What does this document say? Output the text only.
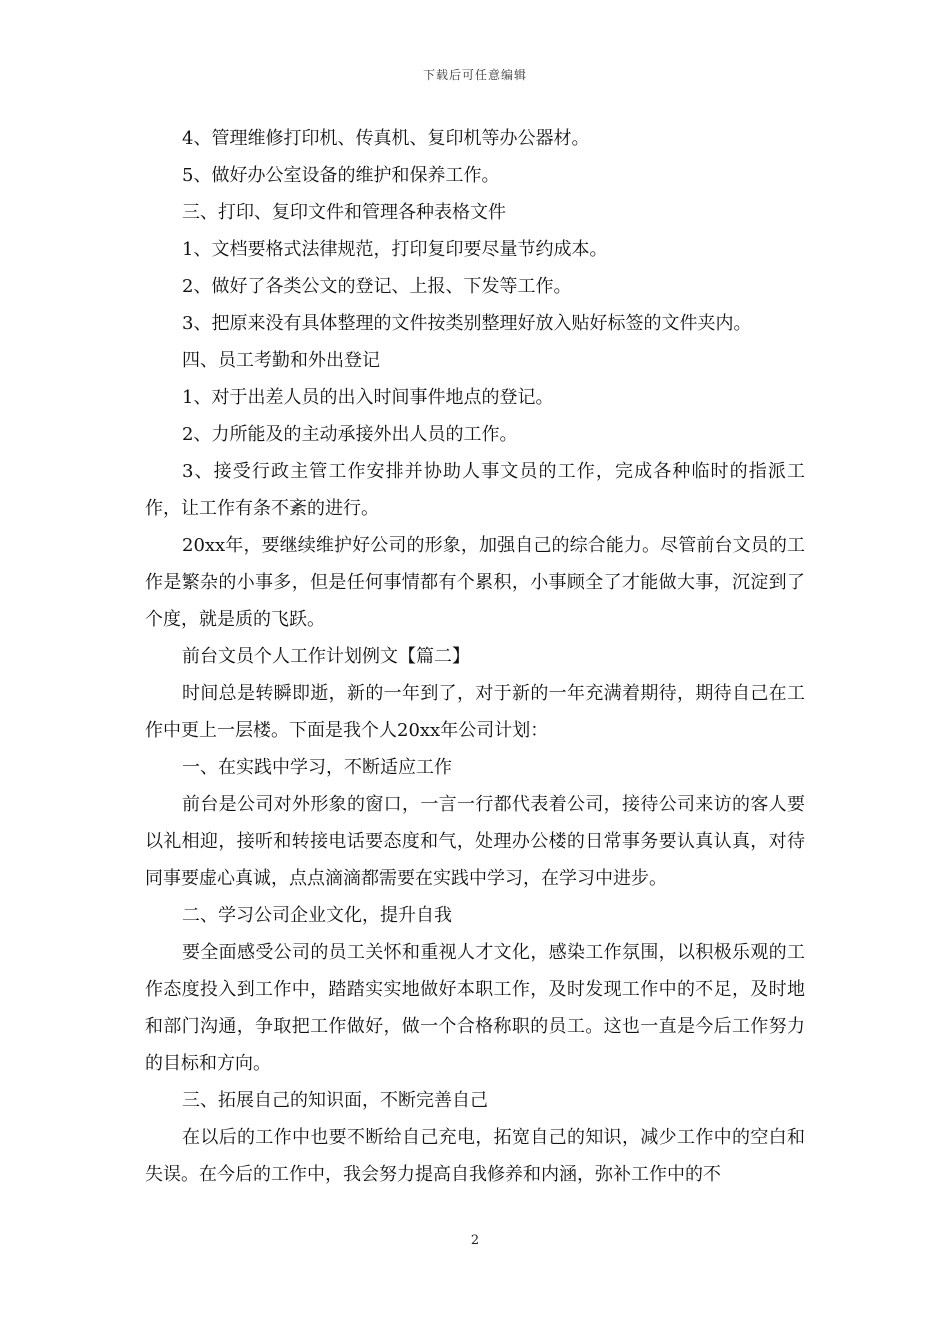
下载后可任意编辑

4、管理维修打印机、传真机、复印机等办公器材。

5、做好办公室设备的维护和保养工作。

三、打印、复印文件和管理各种表格文件

1、文档要格式法律规范，打印复印要尽量节约成本。

2、做好了各类公文的登记、上报、下发等工作。

3、把原来没有具体整理的文件按类别整理好放入贴好标签的文件夹内。

四、员工考勤和外出登记

1、对于出差人员的出入时间事件地点的登记。

2、力所能及的主动承接外出人员的工作。

3、接受行政主管工作安排并协助人事文员的工作，完成各种临时的指派工作，让工作有条不紊的进行。

20xx年，要继续维护好公司的形象，加强自己的综合能力。尽管前台文员的工作是繁杂的小事多，但是任何事情都有个累积，小事顾全了才能做大事，沉淀到了个度，就是质的飞跃。

前台文员个人工作计划例文【篇二】

时间总是转瞬即逝，新的一年到了，对于新的一年充满着期待，期待自己在工作中更上一层楼。下面是我个人20xx年公司计划：

一、在实践中学习，不断适应工作

前台是公司对外形象的窗口，一言一行都代表着公司，接待公司来访的客人要以礼相迎，接听和转接电话要态度和气，处理办公楼的日常事务要认真认真，对待同事要虚心真诚，点点滴滴都需要在实践中学习，在学习中进步。

二、学习公司企业文化，提升自我

要全面感受公司的员工关怀和重视人才文化，感染工作氛围，以积极乐观的工作态度投入到工作中，踏踏实实地做好本职工作，及时发现工作中的不足，及时地和部门沟通，争取把工作做好，做一个合格称职的员工。这也一直是今后工作努力的目标和方向。

三、拓展自己的知识面，不断完善自己

在以后的工作中也要不断给自己充电，拓宽自己的知识，减少工作中的空白和失误。在今后的工作中，我会努力提高自我修养和内涵，弥补工作中的不

2
